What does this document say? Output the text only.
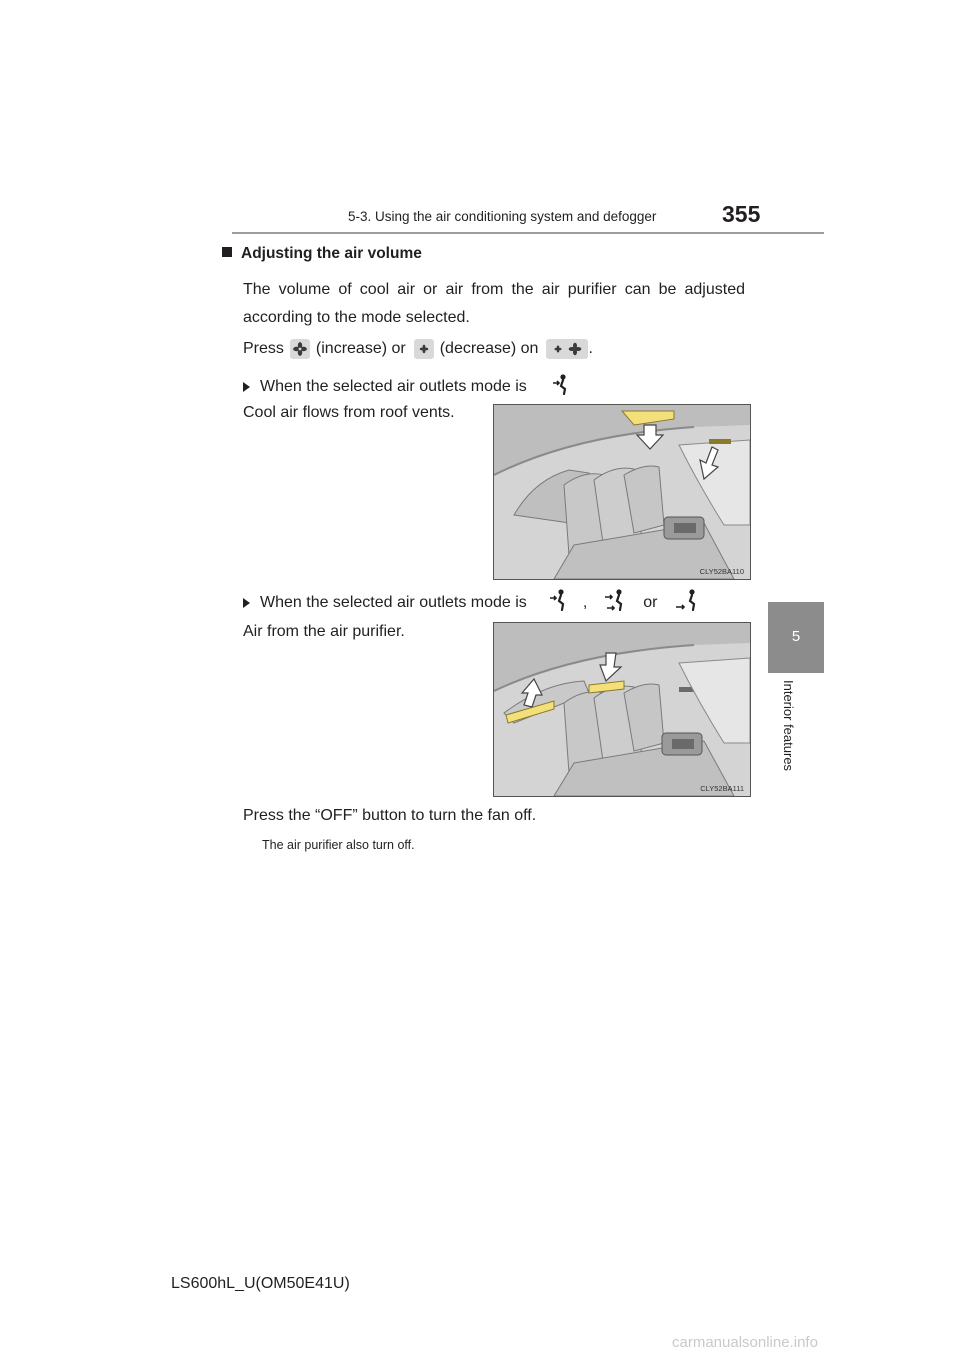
5-3. Using the air conditioning system and defogger	355
5
Interior features
Adjusting the air volume
The volume of cool air or air from the air purifier can be adjusted according to the mode selected.
Press (increase) or (decrease) on	.
When the selected air outlets mode is
Cool air flows from roof vents.
CLY52BA110
When the selected air outlets mode is	,	or
Air from the air purifier.
CLY52BA111
Press the “OFF” button to turn the fan off.
The air purifier also turn off.
LS600hL_U(OM50E41U)
carmanualsonline.info
